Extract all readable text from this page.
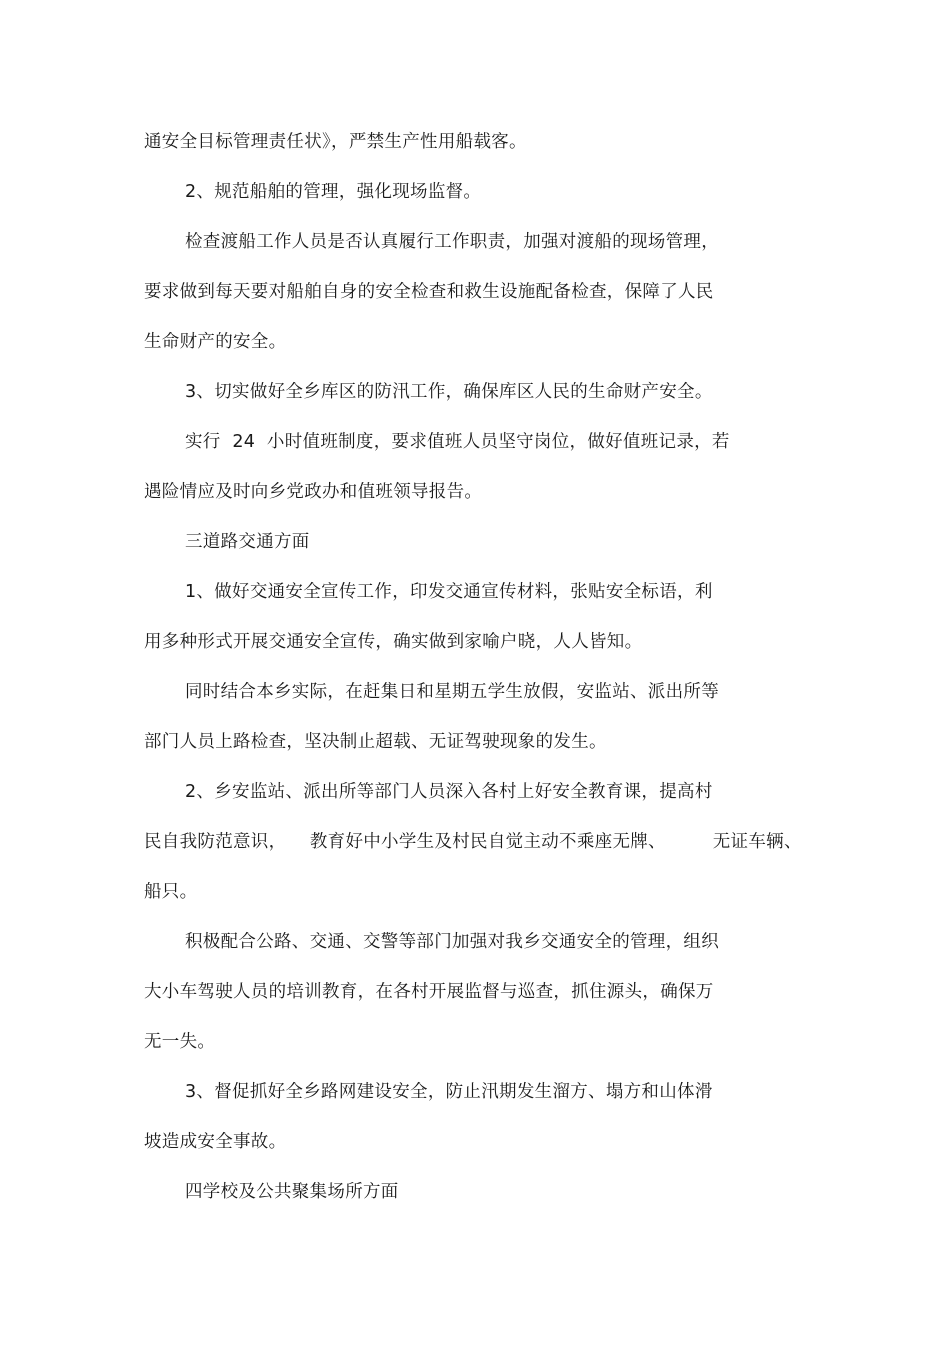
通安全目标管理责任状》，严禁生产性用船载客。
2、规范船舶的管理，强化现场监督。
检查渡船工作人员是否认真履行工作职责，加强对渡船的现场管理，
要求做到每天要对船舶自身的安全检查和救生设施配备检查，保障了人民
生命财产的安全。
3、切实做好全乡库区的防汛工作，确保库区人民的生命财产安全。
实行  24  小时值班制度，要求值班人员坚守岗位，做好值班记录，若
遇险情应及时向乡党政办和值班领导报告。
三道路交通方面
1、做好交通安全宣传工作，印发交通宣传材料，张贴安全标语，利
用多种形式开展交通安全宣传，确实做到家喻户晓，人人皆知。
同时结合本乡实际，在赶集日和星期五学生放假，安监站、派出所等
部门人员上路检查，坚决制止超载、无证驾驶现象的发生。
2、乡安监站、派出所等部门人员深入各村上好安全教育课，提高村
民自我防范意识，    教育好中小学生及村民自觉主动不乘座无牌、        无证车辆、
船只。
积极配合公路、交通、交警等部门加强对我乡交通安全的管理，组织
大小车驾驶人员的培训教育，在各村开展监督与巡查，抓住源头，确保万
无一失。
3、督促抓好全乡路网建设安全，防止汛期发生溜方、塌方和山体滑
坡造成安全事故。
四学校及公共聚集场所方面
